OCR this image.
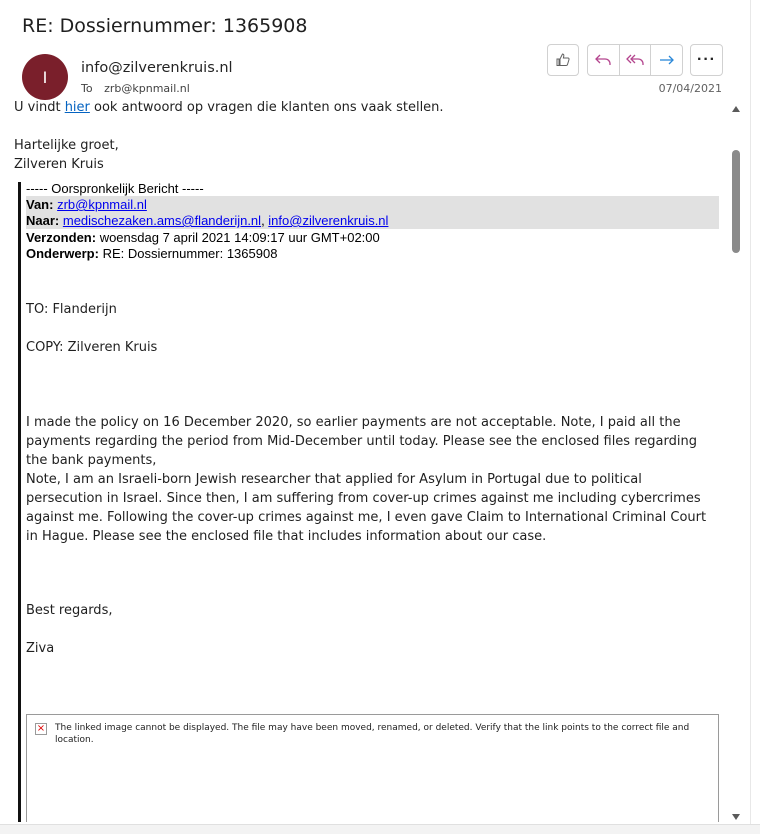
RE: Dossiernummer: 1365908
I info@zilverenkruis.nl
To zrb@kpnmail.nl	07/04/2021
···
U vindt hier ook antwoord op vragen die klanten ons vaak stellen.
Hartelijke groet,
Zilveren Kruis
----- Oorspronkelijk Bericht -----
Van: zrb@kpnmail.nl
Naar: medischezaken.ams@flanderijn.nl, info@zilverenkruis.nl
Verzonden: woensdag 7 april 2021 14:09:17 uur GMT+02:00
Onderwerp: RE: Dossiernummer: 1365908
TO: Flanderijn
COPY: Zilveren Kruis
I made the policy on 16 December 2020, so earlier payments are not acceptable. Note, I paid all the payments regarding the period from Mid-December until today. Please see the enclosed files regarding the bank payments,
Note, I am an Israeli-born Jewish researcher that applied for Asylum in Portugal due to political persecution in Israel. Since then, I am suffering from cover-up crimes against me including cybercrimes against me. Following the cover-up crimes against me, I even gave Claim to International Criminal Court in Hague. Please see the enclosed file that includes information about our case.
Best regards,
Ziva
× The linked image cannot be displayed. The file may have been moved, renamed, or deleted. Verify that the link points to the correct file and location.
